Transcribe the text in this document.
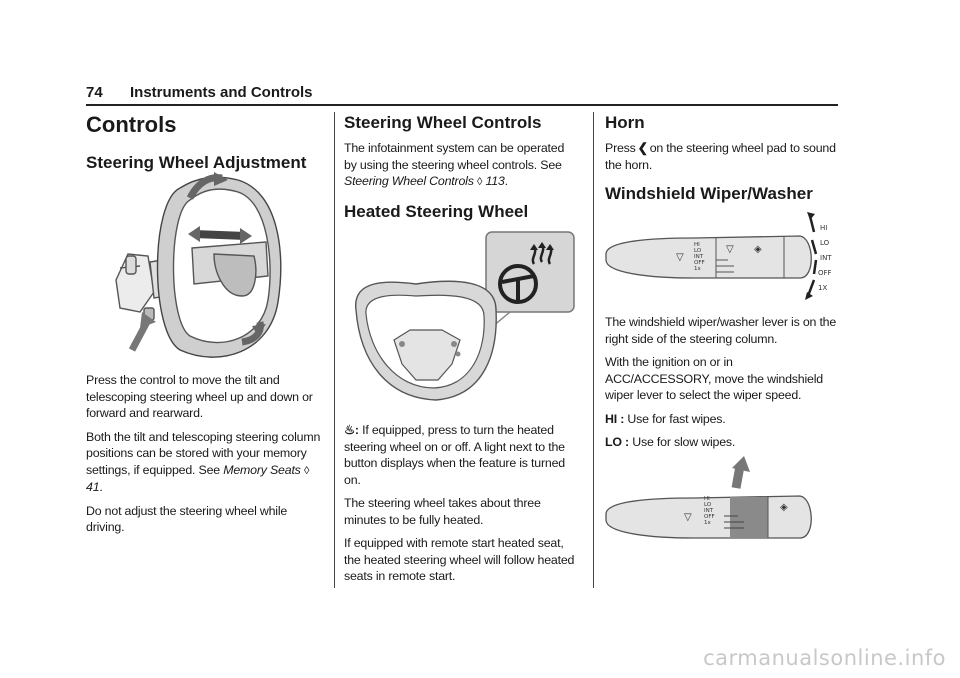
74 Instruments and Controls
Controls
Steering Wheel Adjustment

Press the control to move the tilt and telescoping steering wheel up and down or forward and rearward.

Both the tilt and telescoping steering column positions can be stored with your memory settings, if equipped. See Memory Seats ◊ 41.

Do not adjust the steering wheel while driving.

Steering Wheel Controls

The infotainment system can be operated by using the steering wheel controls. See Steering Wheel Controls ◊ 113.

Heated Steering Wheel

♨: If equipped, press to turn the heated steering wheel on or off. A light next to the button displays when the feature is turned on.

The steering wheel takes about three minutes to be fully heated.

If equipped with remote start heated seat, the heated steering wheel will follow heated seats in remote start.

Horn

Press ❮ on the steering wheel pad to sound the horn.

Windshield Wiper/Washer
▽
▽ ◈
HI
LO
INT
OFF
1x
HI
LO
INT
OFF
1X

The windshield wiper/washer lever is on the right side of the steering column.

With the ignition on or in ACC/ACCESSORY, move the windshield wiper lever to select the wiper speed.

HI : Use for fast wipes.

LO : Use for slow wipes.

▽
◈
HI
LO
INT
OFF
1x
carmanualsonline.info
